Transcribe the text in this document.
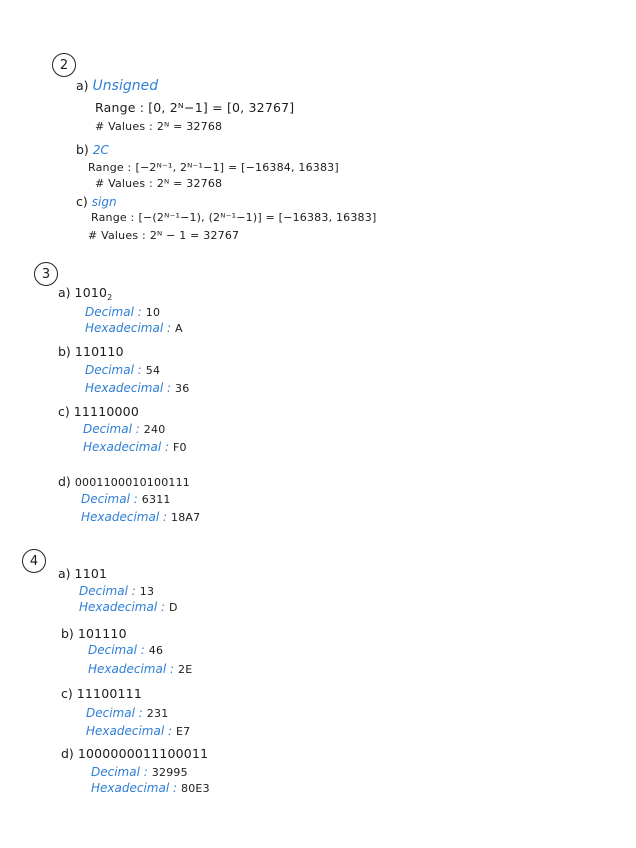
2
a) Unsigned
Range : [0, 2ᴺ−1] = [0, 32767]
# Values : 2ᴺ = 32768
b) 2C
Range : [−2ᴺ⁻¹, 2ᴺ⁻¹−1] = [−16384, 16383]
# Values : 2ᴺ = 32768
c) sign
Range : [−(2ᴺ⁻¹−1), (2ᴺ⁻¹−1)] = [−16383, 16383]
# Values : 2ᴺ − 1 = 32767
3
a) $1010_2$
Decimal : 10
Hexadecimal : A
b) 110110
Decimal : 54
Hexadecimal : 36
c) 11110000
Decimal : 240
Hexadecimal : F0
d) 0001100010100111
Decimal : 6311
Hexadecimal : 18A7
4
a) 1101
Decimal : 13
Hexadecimal : D
b) 101110
Decimal : 46
Hexadecimal : 2E
c) 11100111
Decimal : 231
Hexadecimal : E7
d) 1000000011100011
Decimal : 32995
Hexadecimal : 80E3
